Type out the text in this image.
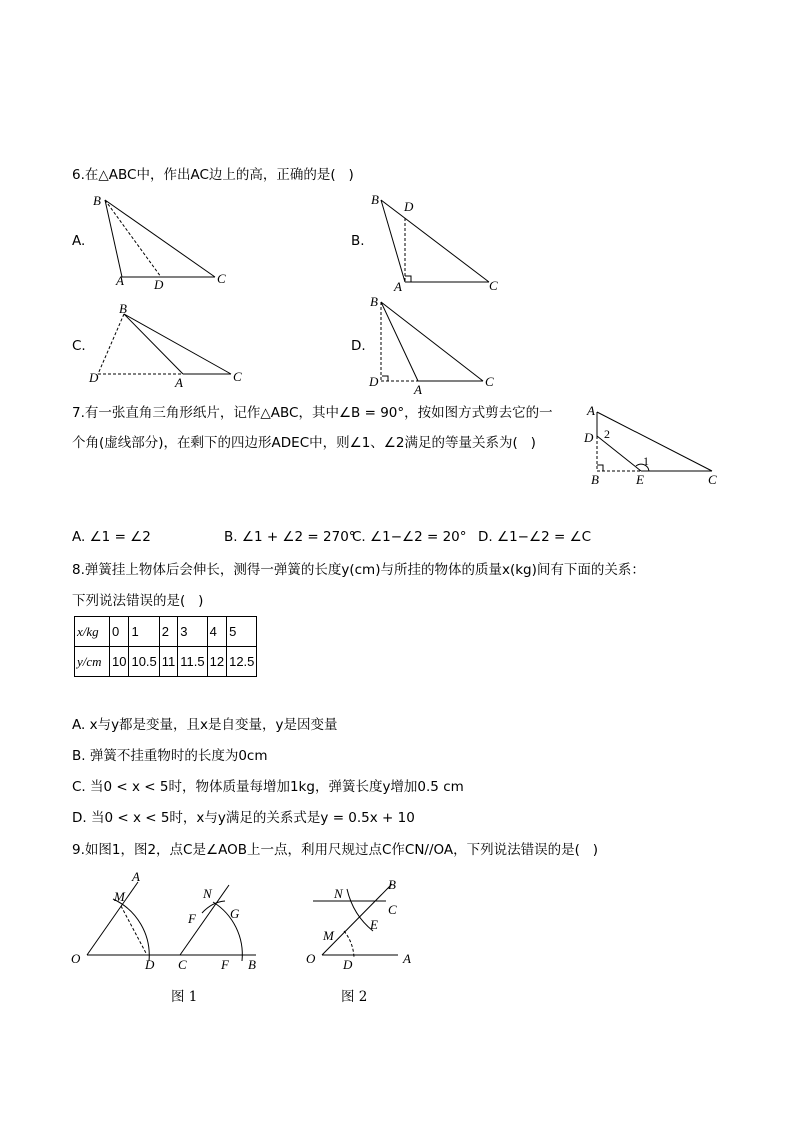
6.在△ABC中，作出AC边上的高，正确的是(   )
A.	B.
C.	D.
7.有一张直角三角形纸片，记作△ABC，其中∠B = 90°，按如图方式剪去它的一
个角(虚线部分)，在剩下的四边形ADEC中，则∠1、∠2满足的等量关系为(   )
A. ∠1 = ∠2	B. ∠1 + ∠2 = 270°
C. ∠1−∠2 = 20° D. ∠1−∠2 = ∠C
8.弹簧挂上物体后会伸长，测得一弹簧的长度y(cm)与所挂的物体的质量x(kg)间有下面的关系：
下列说法错误的是(   )
x/kg	0	1	2	3	4	5
y/cm	10	10.5	11	11.5	12	12.5
A. x与y都是变量，且x是自变量，y是因变量
B. 弹簧不挂重物时的长度为0cm
C. 当0 < x < 5时，物体质量每增加1kg，弹簧长度y增加0.5 cm
D. 当0 < x < 5时，x与y满足的关系式是y = 0.5x + 10
9.如图1，图2，点C是∠AOB上一点，利用尺规过点C作CN//OA，下列说法错误的是(   )
图 1	图 2
B
A D	C
B D
A	C
B
D	A	C
B
D
A
C
A
D 2
1
B	E	C
A
M
O	D C	F B
N
F	G
B
N
C
E
M
O D	A
